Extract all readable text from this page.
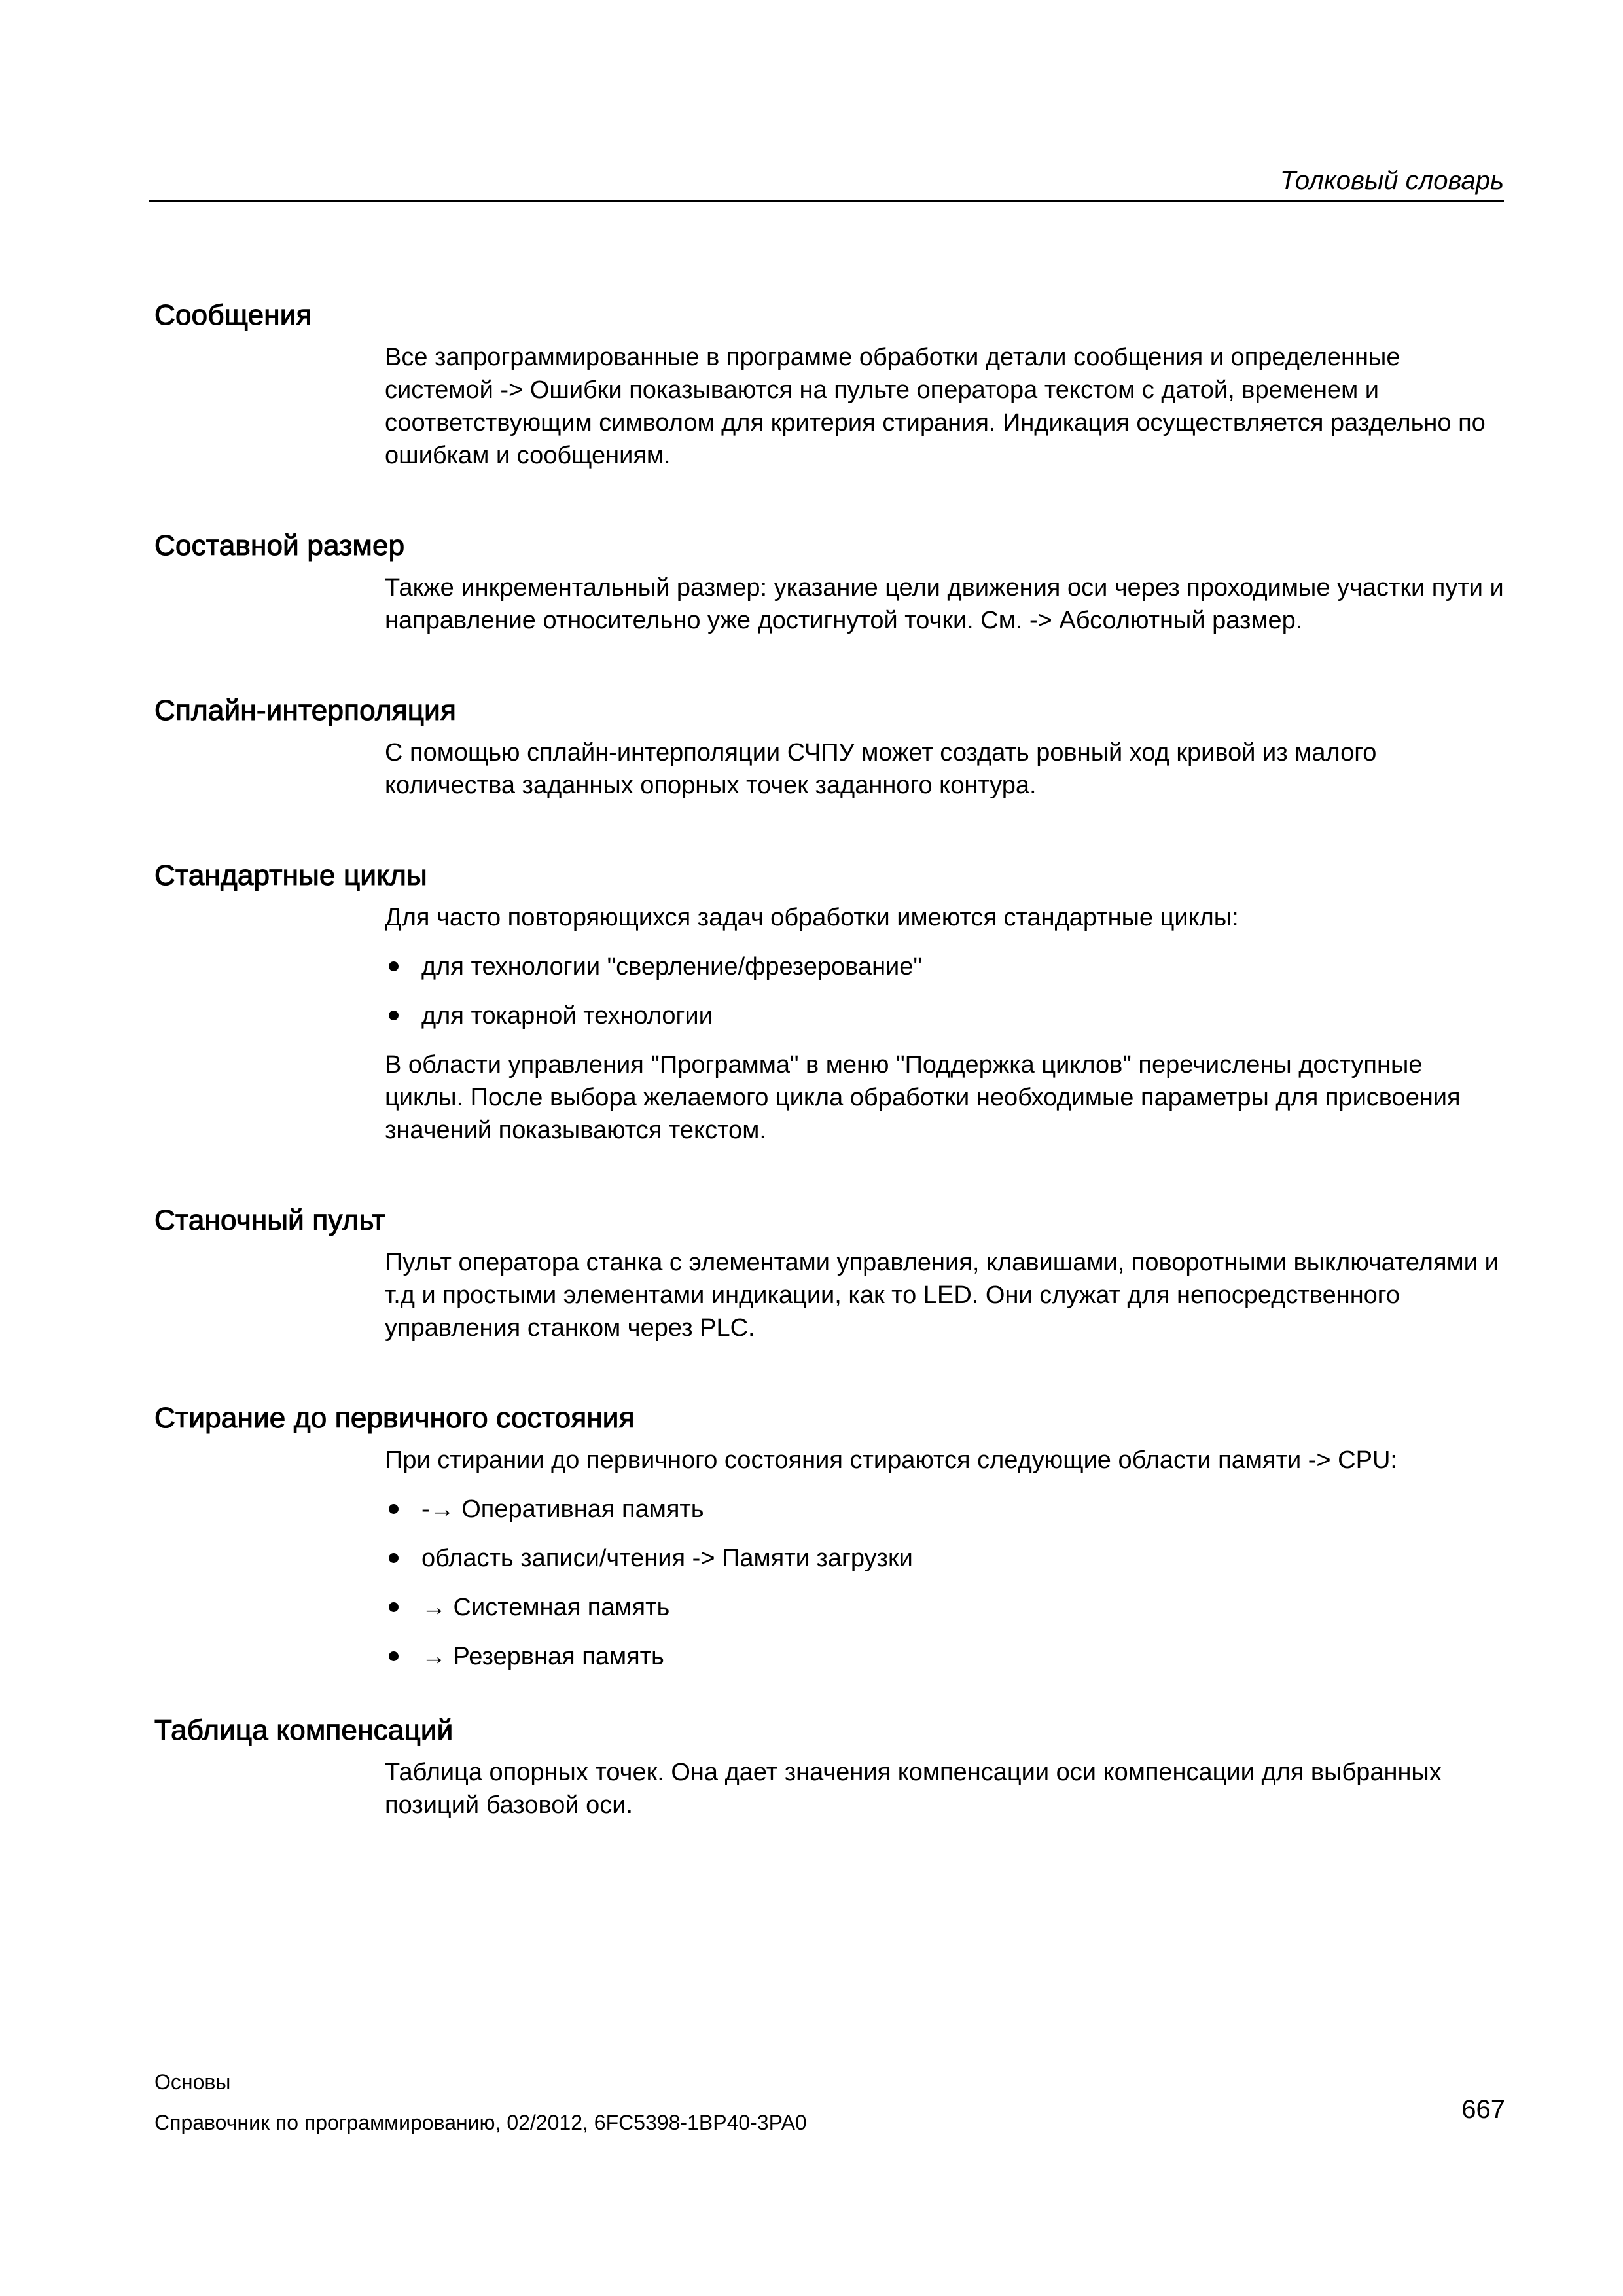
Толковый словарь
Сообщения

Все запрограммированные в программе обработки детали сообщения и определенные системой -> Ошибки показываются на пульте оператора текстом с датой, временем и соответствующим символом для критерия стирания. Индикация осуществляется раздельно по ошибкам и сообщениям.

Составной размер

Также инкрементальный размер: указание цели движения оси через проходимые участки пути и направление относительно уже достигнутой точки. См. -> Абсолютный размер.

Сплайн-интерполяция

С помощью сплайн-интерполяции СЧПУ может создать ровный ход кривой из малого количества заданных опорных точек заданного контура.

Стандартные циклы

Для часто повторяющихся задач обработки имеются стандартные циклы:

для технологии "сверление/фрезерование"
для токарной технологии

В области управления "Программа" в меню "Поддержка циклов" перечислены доступные циклы. После выбора желаемого цикла обработки необходимые параметры для присвоения значений показываются текстом.

Станочный пульт

Пульт оператора станка с элементами управления, клавишами, поворотными выключателями и т.д и простыми элементами индикации, как то LED. Они служат для непосредственного управления станком через PLC.

Стирание до первичного состояния

При стирании до первичного состояния стираются следующие области памяти -> CPU:

-→ Оперативная память
область записи/чтения -> Памяти загрузки
→ Системная память
→ Резервная память
Таблица компенсаций

Таблица опорных точек. Она дает значения компенсации оси компенсации для выбранных позиций базовой оси.

Основы

Справочник по программированию, 02/2012, 6FC5398-1BP40-3PA0	667
